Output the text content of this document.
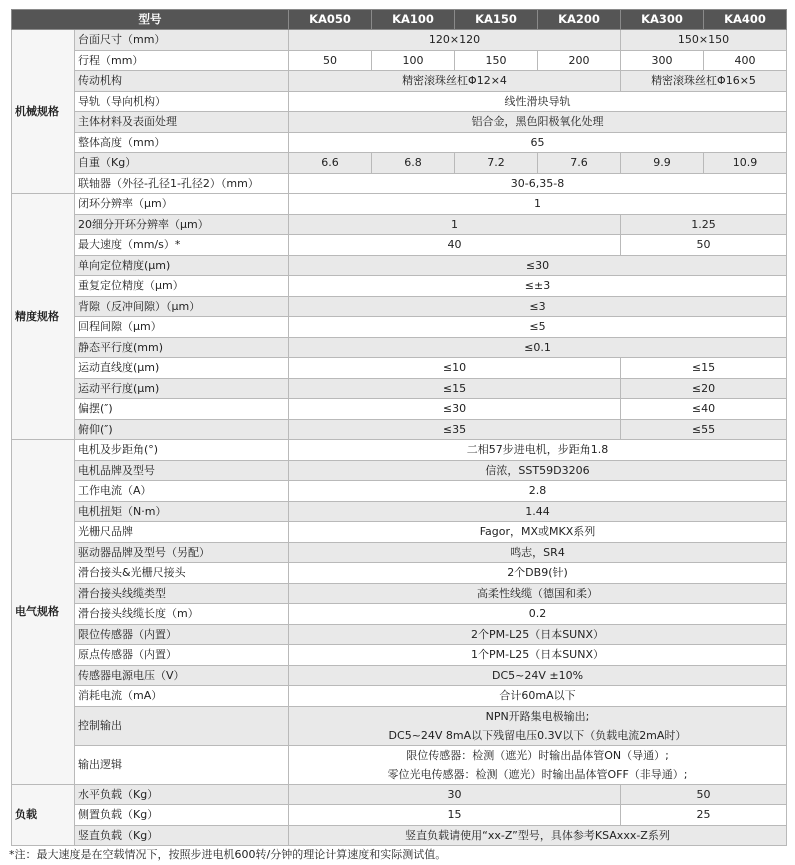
型号		KA050	KA100	KA150	KA200	KA300	KA400
机械规格	台面尺寸（mm）	120×120				150×150	
	行程（mm）	50	100	150	200	300	400
	传动机构	精密滚珠丝杠Φ12×4				精密滚珠丝杠Φ16×5	
	导轨（导向机构）	线性滑块导轨					
	主体材料及表面处理	铝合金，黑色阳极氧化处理					
	整体高度（mm）	65					
	自重（Kg）	6.6	6.8	7.2	7.6	9.9	10.9
	联轴器（外径-孔径1-孔径2）（mm）	30-6,35-8					
精度规格	闭环分辨率（μm）	1					
	20细分开环分辨率（μm）	1				1.25	
	最大速度（mm/s）*	40				50	
	单向定位精度(μm)	≤30					
	重复定位精度（μm）	≤±3					
	背隙（反冲间隙）（μm）	≤3					
	回程间隙（μm）	≤5					
	静态平行度(mm)	≤0.1					
	运动直线度(μm)	≤10				≤15	
	运动平行度(μm)	≤15				≤20	
	偏摆(″)	≤30				≤40	
	俯仰(″)	≤35				≤55	
电气规格	电机及步距角(°)	二相57步进电机，步距角1.8					
	电机品牌及型号	信浓，SST59D3206					
	工作电流（A）	2.8					
	电机扭矩（N·m）	1.44					
	光栅尺品牌	Fagor，MX或MKX系列					
	驱动器品牌及型号（另配）	鸣志，SR4					
	滑台接头&光栅尺接头	2个DB9(针)					
	滑台接头线缆类型	高柔性线缆（德国和柔）					
	滑台接头线缆长度（m）	0.2					
	限位传感器（内置）	2个PM-L25（日本SUNX）					
	原点传感器（内置）	1个PM-L25（日本SUNX）					
	传感器电源电压（V）	DC5~24V ±10%					
	消耗电流（mA）	合计60mA以下					
	控制输出	NPN开路集电极输出;
DC5~24V 8mA以下残留电压0.3V以下（负载电流2mA时）					

	输出逻辑	限位传感器：检测（遮光）时输出晶体管ON（导通）;
零位光电传感器：检测（遮光）时输出晶体管OFF（非导通）;					

负载	水平负载（Kg）	30				50	
	侧置负载（Kg）	15				25	
	竖直负载（Kg）	竖直负载请使用“xx-Z”型号，具体参考KSAxxx-Z系列					
*注：最大速度是在空载情况下，按照步进电机600转/分钟的理论计算速度和实际测试值。
